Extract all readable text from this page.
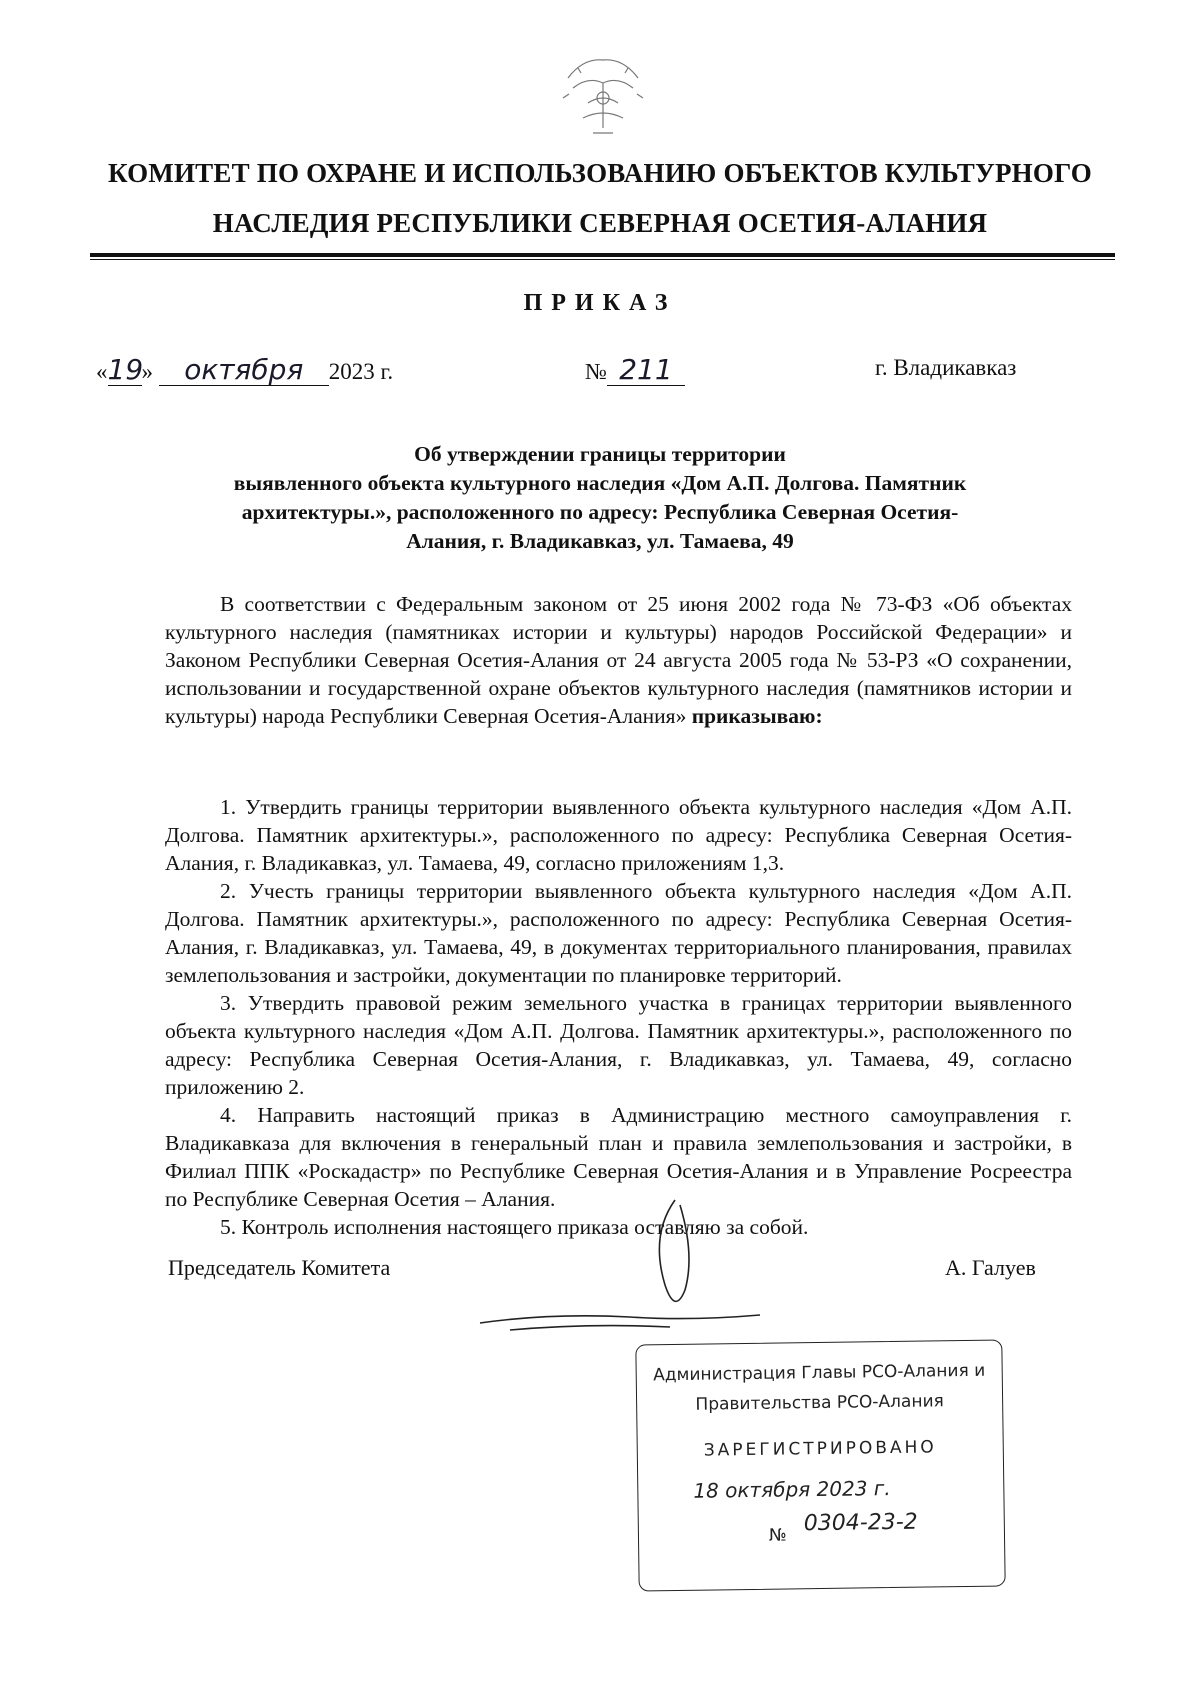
КОМИТЕТ ПО ОХРАНЕ И ИСПОЛЬЗОВАНИЮ ОБЪЕКТОВ КУЛЬТУРНОГО
НАСЛЕДИЯ РЕСПУБЛИКИ СЕВЕРНАЯ ОСЕТИЯ-АЛАНИЯ
ПРИКАЗ
«19» октября 2023 г.	№ 211	г. Владикавказ
Об утверждении границы территории
выявленного объекта культурного наследия «Дом А.П. Долгова. Памятник
архитектуры.», расположенного по адресу: Республика Северная Осетия-
Алания, г. Владикавказ, ул. Тамаева, 49

В соответствии с Федеральным законом от 25 июня 2002 года № 73-ФЗ «Об объектах культурного наследия (памятниках истории и культуры) народов Российской Федерации» и Законом Республики Северная Осетия-Алания от 24 августа 2005 года № 53-РЗ «О сохранении, использовании и государственной охране объектов культурного наследия (памятников истории и культуры) народа Республики Северная Осетия-Алания» приказываю:

1. Утвердить границы территории выявленного объекта культурного наследия «Дом А.П. Долгова. Памятник архитектуры.», расположенного по адресу: Республика Северная Осетия-Алания, г. Владикавказ, ул. Тамаева, 49, согласно приложениям 1,3.

2. Учесть границы территории выявленного объекта культурного наследия «Дом А.П. Долгова. Памятник архитектуры.», расположенного по адресу: Республика Северная Осетия-Алания, г. Владикавказ, ул. Тамаева, 49, в документах территориального планирования, правилах землепользования и застройки, документации по планировке территорий.

3. Утвердить правовой режим земельного участка в границах территории выявленного объекта культурного наследия «Дом А.П. Долгова. Памятник архитектуры.», расположенного по адресу: Республика Северная Осетия-Алания, г. Владикавказ, ул. Тамаева, 49, согласно приложению 2.

4. Направить настоящий приказ в Администрацию местного самоуправления г. Владикавказа для включения в генеральный план и правила землепользования и застройки, в Филиал ППК «Роскадастр» по Республике Северная Осетия-Алания и в Управление Росреестра по Республике Северная Осетия – Алания.

5. Контроль исполнения настоящего приказа оставляю за собой.

Председатель Комитета	А. Галуев
Администрация Главы РСО-Алания и
Правительства РСО-Алания
ЗАРЕГИСТРИРОВАНО
18 октября 2023 г.
№ 0304-23-2
